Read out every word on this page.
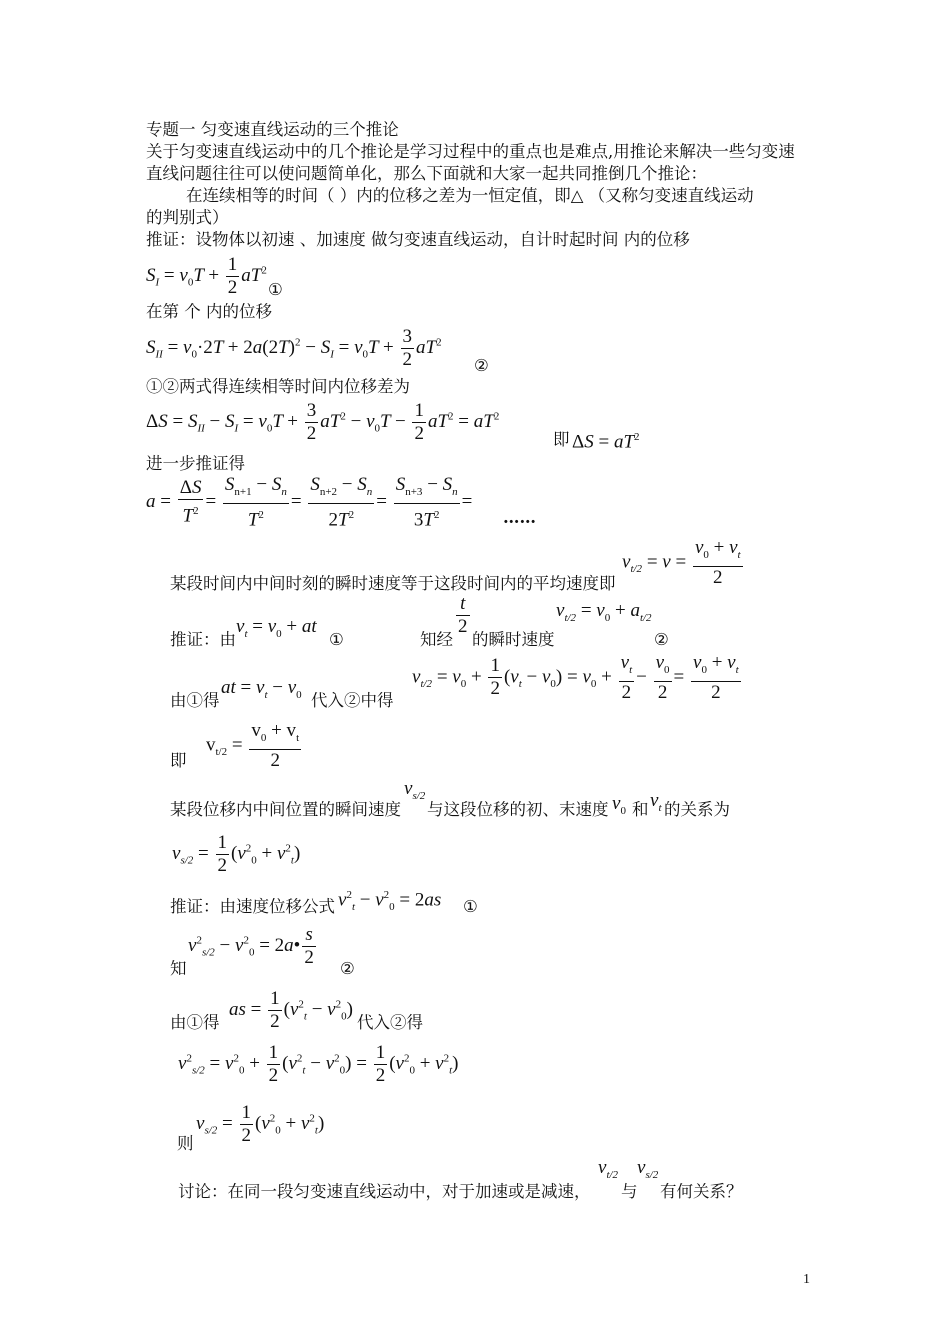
专题一 匀变速直线运动的三个推论
关于匀变速直线运动中的几个推论是学习过程中的重点也是难点,用推论来解决一些匀变速
直线问题往往可以使问题简单化，那么下面就和大家一起共同推倒几个推论：
在连续相等的时间（ ）内的位移之差为一恒定值，即△ （又称匀变速直线运动
的判别式）
推证：设物体以初速 、加速度 做匀变速直线运动，自计时起时间 内的位移
$S_I = v_0T + \frac{1}{2} aT^2$
①
在第 个 内的位移
$S_{II} = v_0\cdot 2T + 2a(2T)^2 - S_I = v_0T + \frac{3}{2} aT^2$
②
①②两式得连续相等时间内位移差为
$\Delta S = S_{II} - S_I = v_0T + \frac{3}{2} aT^2 - v_0T - \frac{1}{2} aT^2 = aT^2$
即 $\Delta S = aT^2$
进一步推证得
$a = \frac{\Delta S}{T^2} = \frac{S_{n+1} - S_n}{T^2} = \frac{S_{n+2} - S_n}{2T^2} = \frac{S_{n+3} - S_n}{3T^2}$ =
……
$v_{t/2} = v = \frac{v_0 + v_t}{2}$
某段时间内中间时刻的瞬时速度等于这段时间内的平均速度即
推证：由
$v_t = v_0$ + at
①	知经
$\frac{t}{2}$
的瞬时速度
$v_{t/2} = v_0 + a_{t/2}$
②
由①得
at = $v_t - v_0$ 代入②中得
$v_{t/2} = v_0 + \frac{1}{2} (v_t - v_0) = v_0 + \frac{v_t}{2} - \frac{v_0}{2} = \frac{v_0 + v_t}{2}$
即
$v_{t/2} = \frac{v_0 + v_t}{2}$
某段位移内中间位置的瞬间速度
$v_{s/2}$
与这段位移的初、末速度 $v_0$ 和 $v_t$ 的关系为
$v_{s/2} = \frac{1}{2} (v^2_0 + v^2_t)$
推证：由速度位移公式 $v^2_t - v^2_0 = 2as$ ①
知
$v^2_{s/2} - v^2_0$ = 2a• $\frac{s}{2}$ ②
由①得
as = $\frac{1}{2} (v^2_t - v^2_0)$
代入②得
$v^2_{s/2} = v^2_0 + \frac{1}{2} (v^2_t - v^2_0) = \frac{1}{2} (v^2_0 + v^2_t)$
则
$v_{s/2} = \frac{1}{2} (v^2_0 + v^2_t)$
讨论：在同一段匀变速直线运动中，对于加速或是减速，
$v_{t/2}$
与
$v_{s/2}$
有何关系？
1
